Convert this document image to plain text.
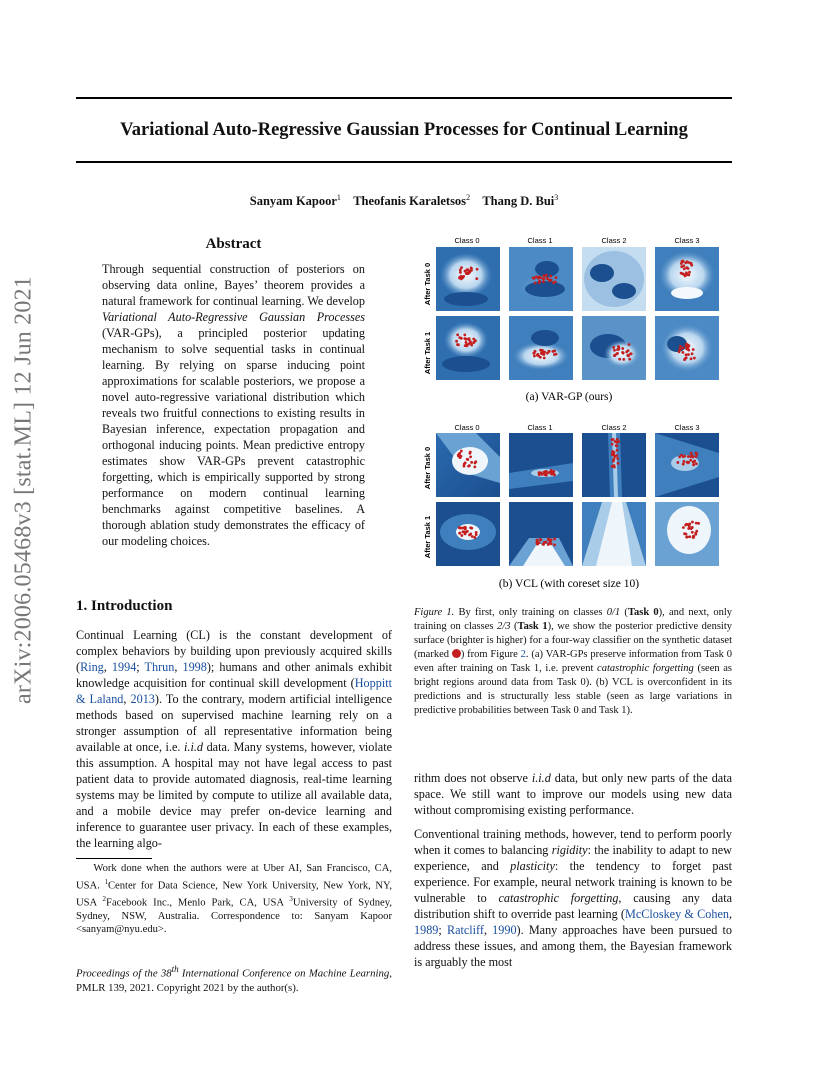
Variational Auto-Regressive Gaussian Processes for Continual Learning
Sanyam Kapoor$^1$ Theofanis Karaletsos$^2$ Thang D. Bui$^3$
arXiv:2006.05468v3 [stat.ML] 12 Jun 2021
Abstract
Through sequential construction of posteriors on observing data online, Bayes’ theorem provides a natural framework for continual learning. We develop Variational Auto-Regressive Gaussian Processes (VAR-GPs), a principled posterior updating mechanism to solve sequential tasks in continual learning. By relying on sparse inducing point approximations for scalable posteriors, we propose a novel auto-regressive variational distribution which reveals two fruitful connections to existing results in Bayesian inference, expectation propagation and orthogonal inducing points. Mean predictive entropy estimates show VAR-GPs prevent catastrophic forgetting, which is empirically supported by strong performance on modern continual learning benchmarks against competitive baselines. A thorough ablation study demonstrates the efficacy of our modeling choices.
1. Introduction
Continual Learning (CL) is the constant development of complex behaviors by building upon previously acquired skills (Ring, 1994; Thrun, 1998); humans and other animals exhibit knowledge acquisition for continual skill development (Hoppitt & Laland, 2013). To the contrary, modern artificial intelligence methods based on supervised machine learning rely on a stronger assumption of all representative information being available at once, i.e. i.i.d data. Many systems, however, violate this assumption. A hospital may not have legal access to past patient data to provide automated diagnosis, real-time learning systems may be limited by compute to utilize all available data, and a mobile device may prefer on-device learning and inference to guarantee user privacy. In each of these examples, the learning algo-
Work done when the authors were at Uber AI, San Francisco, CA, USA. $^1$Center for Data Science, New York University, New York, NY, USA $^2$Facebook Inc., Menlo Park, CA, USA $^3$University of Sydney, Sydney, NSW, Australia. Correspondence to: Sanyam Kapoor <sanyam@nyu.edu>.
Proceedings of the 38th International Conference on Machine Learning, PMLR 139, 2021. Copyright 2021 by the author(s).
Class 0	Class 1	Class 2	Class 3
After Task 0
After Task 1
(a) VAR-GP (ours)
Class 0	Class 1	Class 2	Class 3
After Task 0
After Task 1
(b) VCL (with coreset size 10)
Figure 1. By first, only training on classes 0/1 (Task 0), and next, only training on classes 2/3 (Task 1), we show the posterior predictive density surface (brighter is higher) for a four-way classifier on the synthetic dataset (marked ) from Figure 2. (a) VAR-GPs preserve information from Task 0 even after training on Task 1, i.e. prevent catastrophic forgetting (seen as bright regions around data from Task 0). (b) VCL is overconfident in its predictions and is structurally less stable (seen as large variations in predictive probabilities between Task 0 and Task 1).
rithm does not observe i.i.d data, but only new parts of the data space. We still want to improve our models using new data without compromising existing performance.
Conventional training methods, however, tend to perform poorly when it comes to balancing rigidity: the inability to adapt to new experience, and plasticity: the tendency to forget past experience. For example, neural network training is known to be vulnerable to catastrophic forgetting, causing any data distribution shift to override past learning (McCloskey & Cohen, 1989; Ratcliff, 1990). Many approaches have been pursued to address these issues, and among them, the Bayesian framework is arguably the most
